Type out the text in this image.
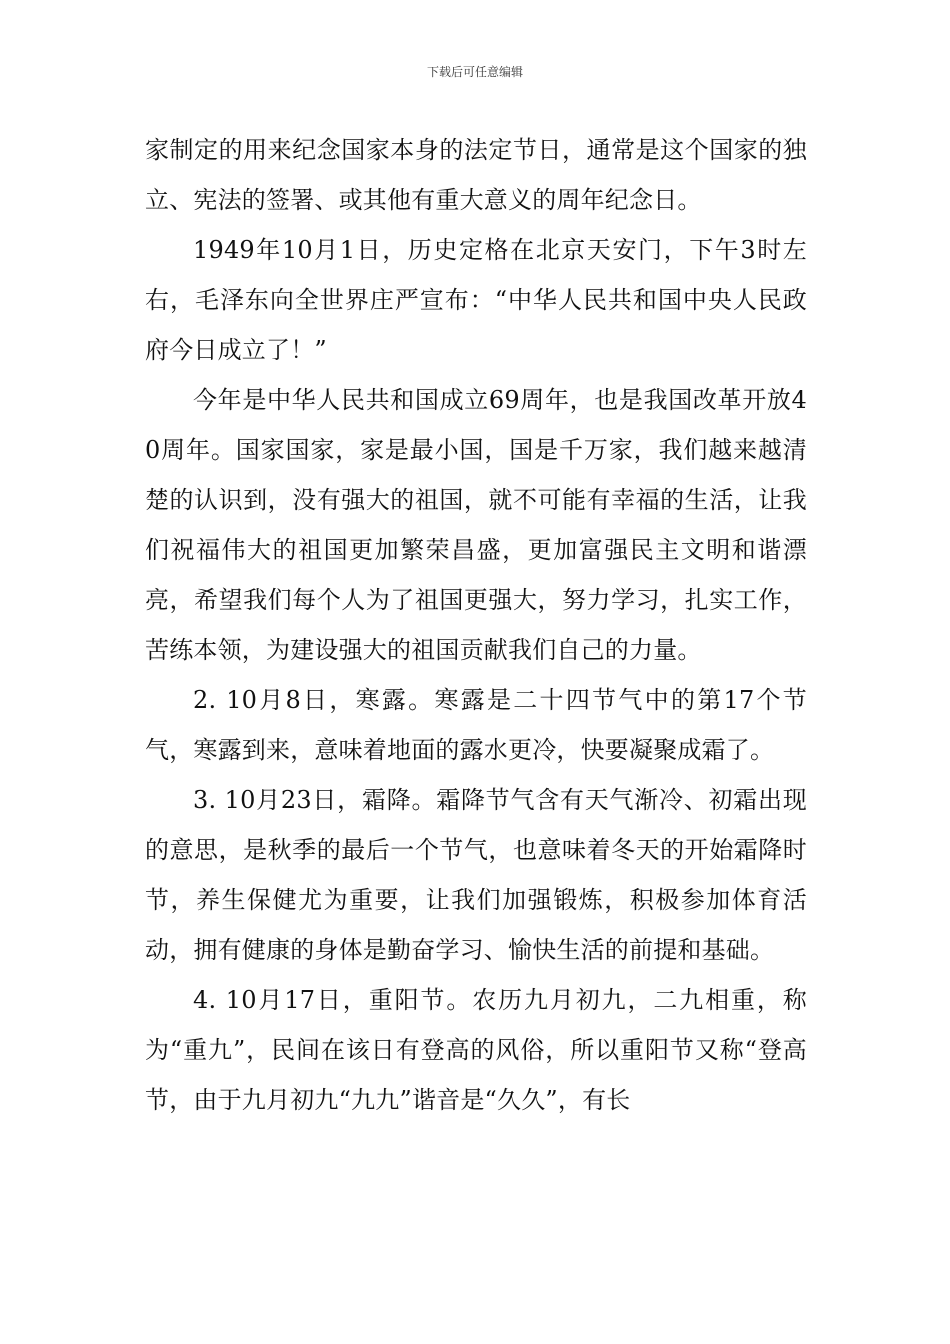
下载后可任意编辑

家制定的用来纪念国家本身的法定节日，通常是这个国家的独立、宪法的签署、或其他有重大意义的周年纪念日。

1949年10月1日，历史定格在北京天安门，下午3时左右，毛泽东向全世界庄严宣布：“中华人民共和国中央人民政府今日成立了！”

今年是中华人民共和国成立69周年，也是我国改革开放40周年。国家国家，家是最小国，国是千万家，我们越来越清楚的认识到，没有强大的祖国，就不可能有幸福的生活，让我们祝福伟大的祖国更加繁荣昌盛，更加富强民主文明和谐漂亮，希望我们每个人为了祖国更强大，努力学习，扎实工作，苦练本领，为建设强大的祖国贡献我们自己的力量。

2. 10月8日，寒露。寒露是二十四节气中的第17个节气，寒露到来，意味着地面的露水更冷，快要凝聚成霜了。

3. 10月23日，霜降。霜降节气含有天气渐冷、初霜出现的意思，是秋季的最后一个节气，也意味着冬天的开始霜降时节，养生保健尤为重要，让我们加强锻炼，积极参加体育活动，拥有健康的身体是勤奋学习、愉快生活的前提和基础。

4. 10月17日，重阳节。农历九月初九，二九相重，称为“重九”，民间在该日有登高的风俗，所以重阳节又称“登高节，由于九月初九“九九”谐音是“久久”，有长
